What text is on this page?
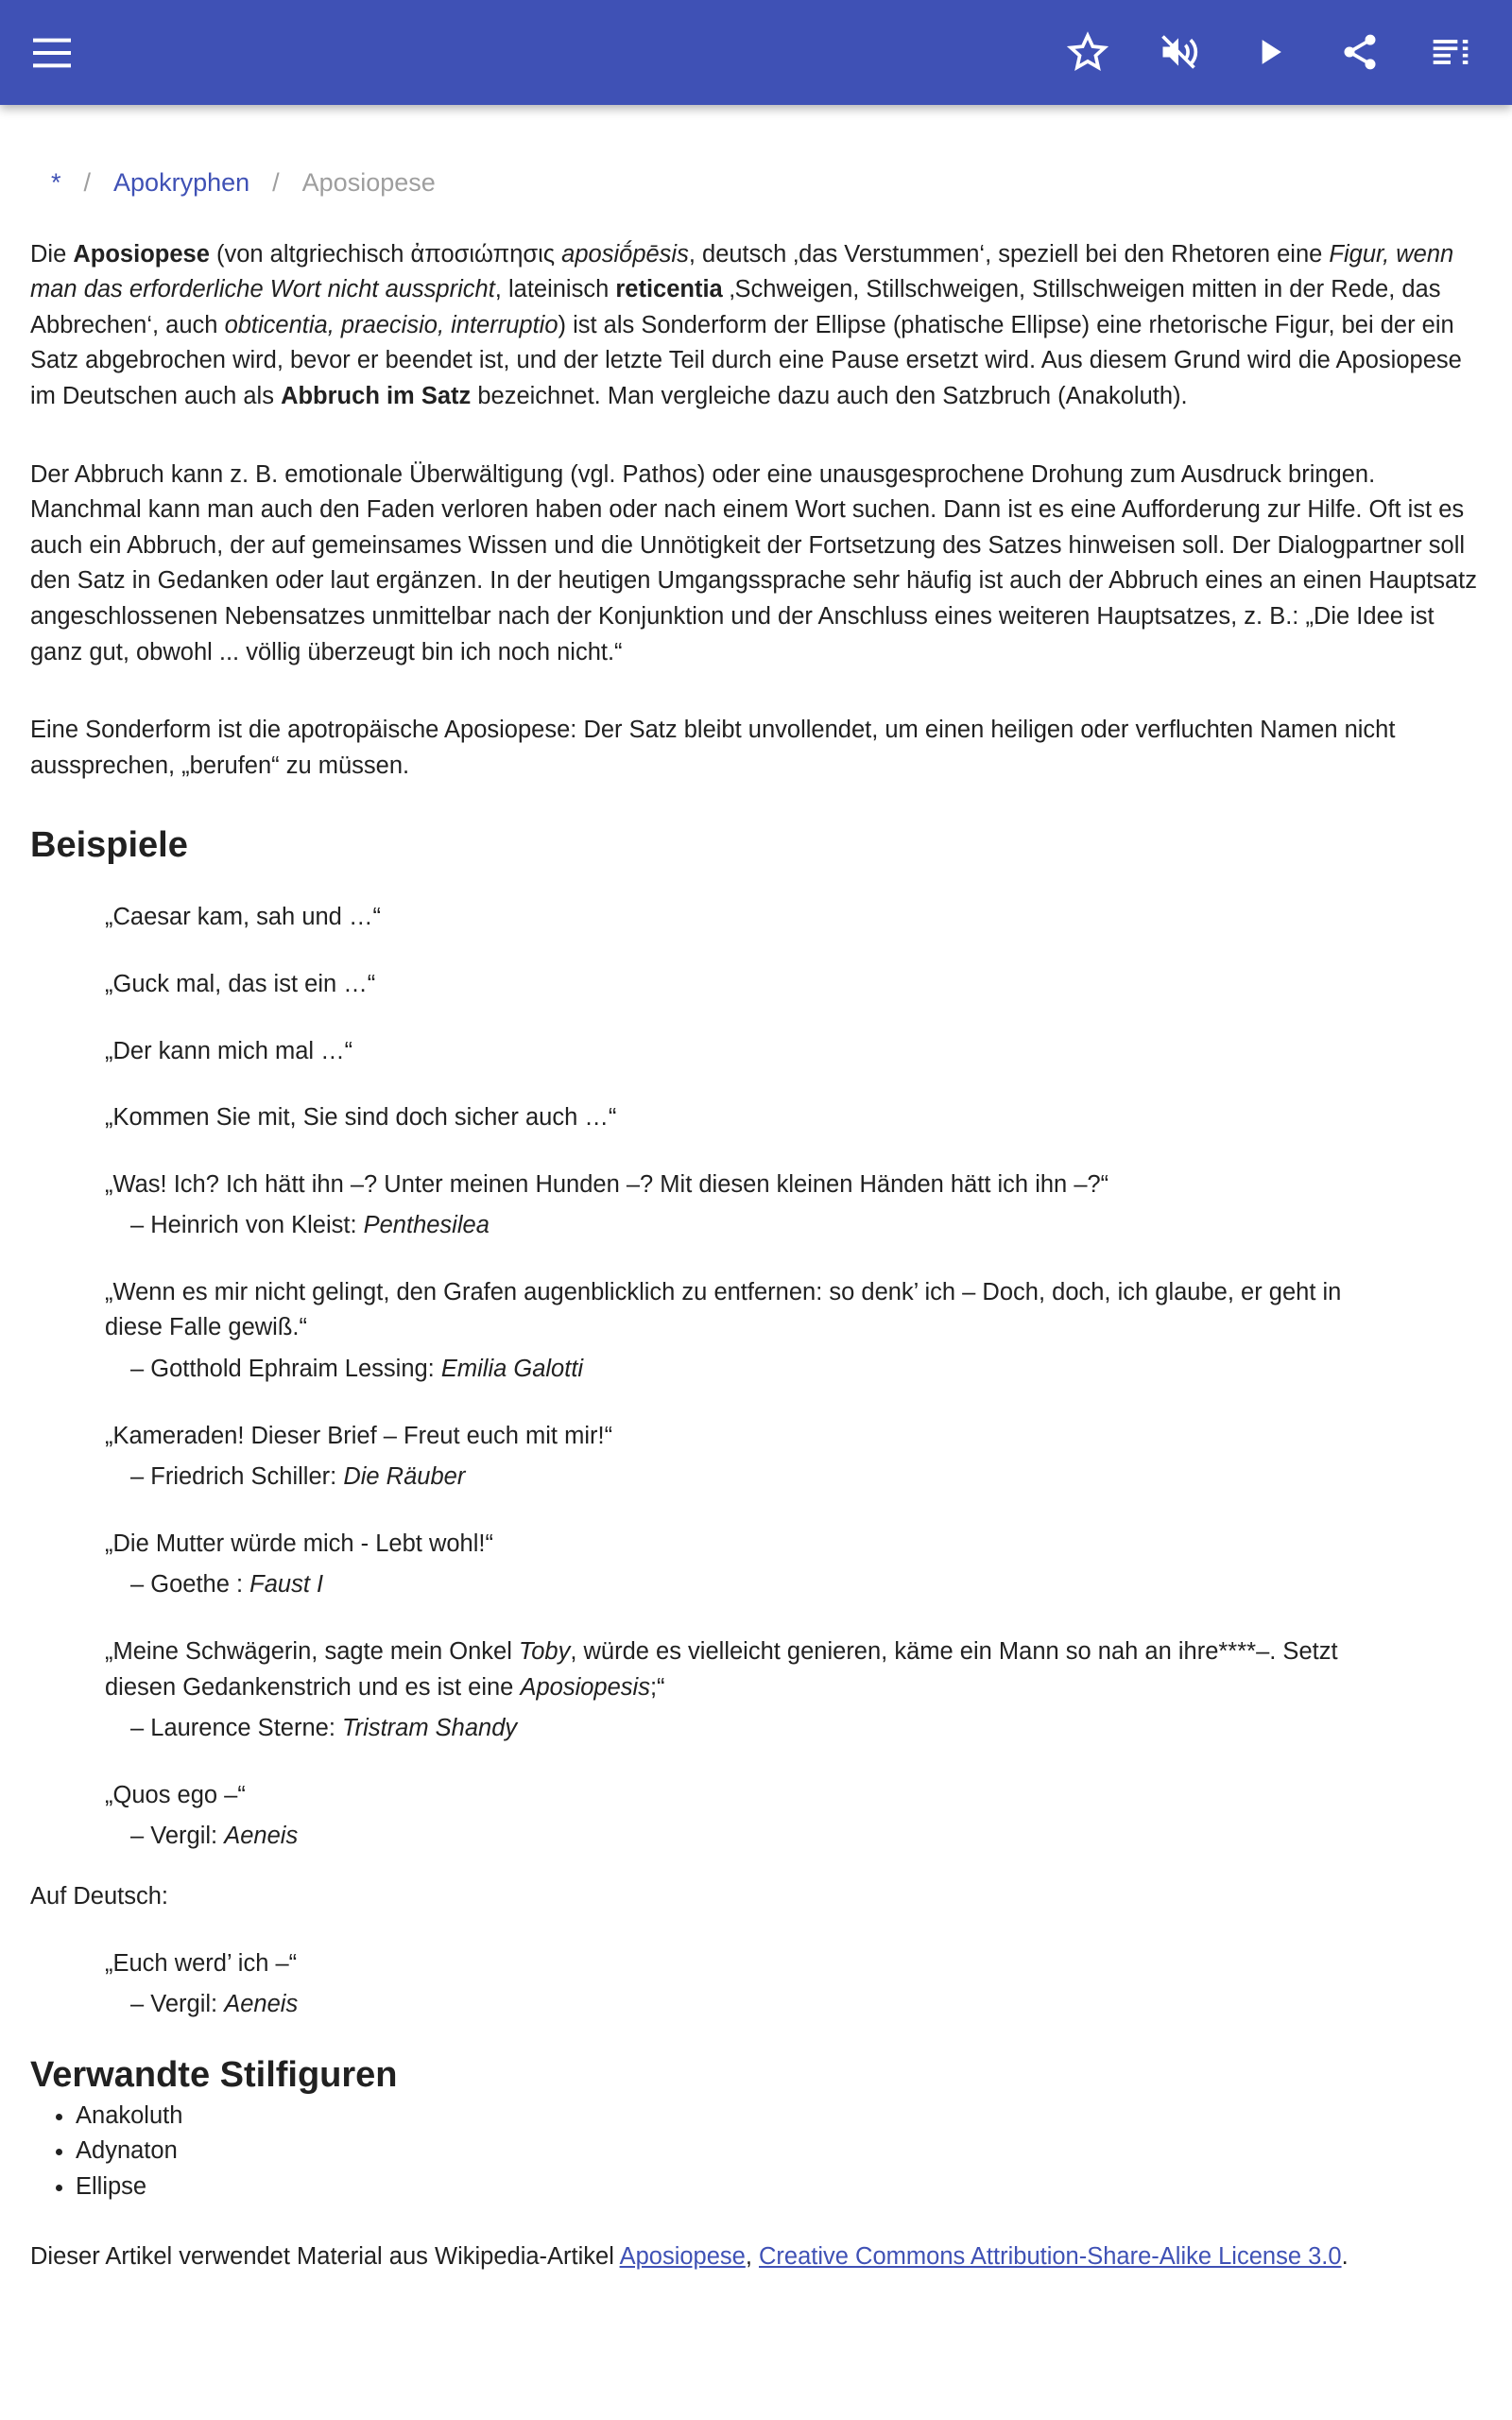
* / Apokryphen / Aposiopese

Die Aposiopese (von altgriechisch ἀποσιώπησις aposiṓpēsis, deutsch ‚das Verstummen‘, speziell bei den Rhetoren eine Figur, wenn man das erforderliche Wort nicht ausspricht, lateinisch reticentia ‚Schweigen, Stillschweigen, Stillschweigen mitten in der Rede, das Abbrechen‘, auch obticentia, praecisio, interruptio) ist als Sonderform der Ellipse (phatische Ellipse) eine rhetorische Figur, bei der ein Satz abgebrochen wird, bevor er beendet ist, und der letzte Teil durch eine Pause ersetzt wird. Aus diesem Grund wird die Aposiopese im Deutschen auch als Abbruch im Satz bezeichnet. Man vergleiche dazu auch den Satzbruch (Anakoluth).

Der Abbruch kann z. B. emotionale Überwältigung (vgl. Pathos) oder eine unausgesprochene Drohung zum Ausdruck bringen. Manchmal kann man auch den Faden verloren haben oder nach einem Wort suchen. Dann ist es eine Aufforderung zur Hilfe. Oft ist es auch ein Abbruch, der auf gemeinsames Wissen und die Unnötigkeit der Fortsetzung des Satzes hinweisen soll. Der Dialogpartner soll den Satz in Gedanken oder laut ergänzen. In der heutigen Umgangssprache sehr häufig ist auch der Abbruch eines an einen Hauptsatz angeschlossenen Nebensatzes unmittelbar nach der Konjunktion und der Anschluss eines weiteren Hauptsatzes, z. B.: „Die Idee ist ganz gut, obwohl ... völlig überzeugt bin ich noch nicht.“

Eine Sonderform ist die apotropäische Aposiopese: Der Satz bleibt unvollendet, um einen heiligen oder verfluchten Namen nicht aussprechen, „berufen“ zu müssen.

Beispiele
„Caesar kam, sah und …“
„Guck mal, das ist ein …“
„Der kann mich mal …“
„Kommen Sie mit, Sie sind doch sicher auch …“
„Was! Ich? Ich hätt ihn –? Unter meinen Hunden –? Mit diesen kleinen Händen hätt ich ihn –?“
– Heinrich von Kleist: Penthesilea
„Wenn es mir nicht gelingt, den Grafen augenblicklich zu entfernen: so denk’ ich – Doch, doch, ich glaube, er geht in diese Falle gewiß.“
– Gotthold Ephraim Lessing: Emilia Galotti
„Kameraden! Dieser Brief – Freut euch mit mir!“
– Friedrich Schiller: Die Räuber
„Die Mutter würde mich - Lebt wohl!“
– Goethe : Faust I
„Meine Schwägerin, sagte mein Onkel Toby, würde es vielleicht genieren, käme ein Mann so nah an ihre****–. Setzt diesen Gedankenstrich und es ist eine Aposiopesis;“
– Laurence Sterne: Tristram Shandy
„Quos ego –“
– Vergil: Aeneis
Auf Deutsch:
„Euch werd’ ich –“
– Vergil: Aeneis
Verwandte Stilfiguren
• Anakoluth
• Adynaton
• Ellipse

Dieser Artikel verwendet Material aus Wikipedia-Artikel Aposiopese, Creative Commons Attribution-Share-Alike License 3.0.
